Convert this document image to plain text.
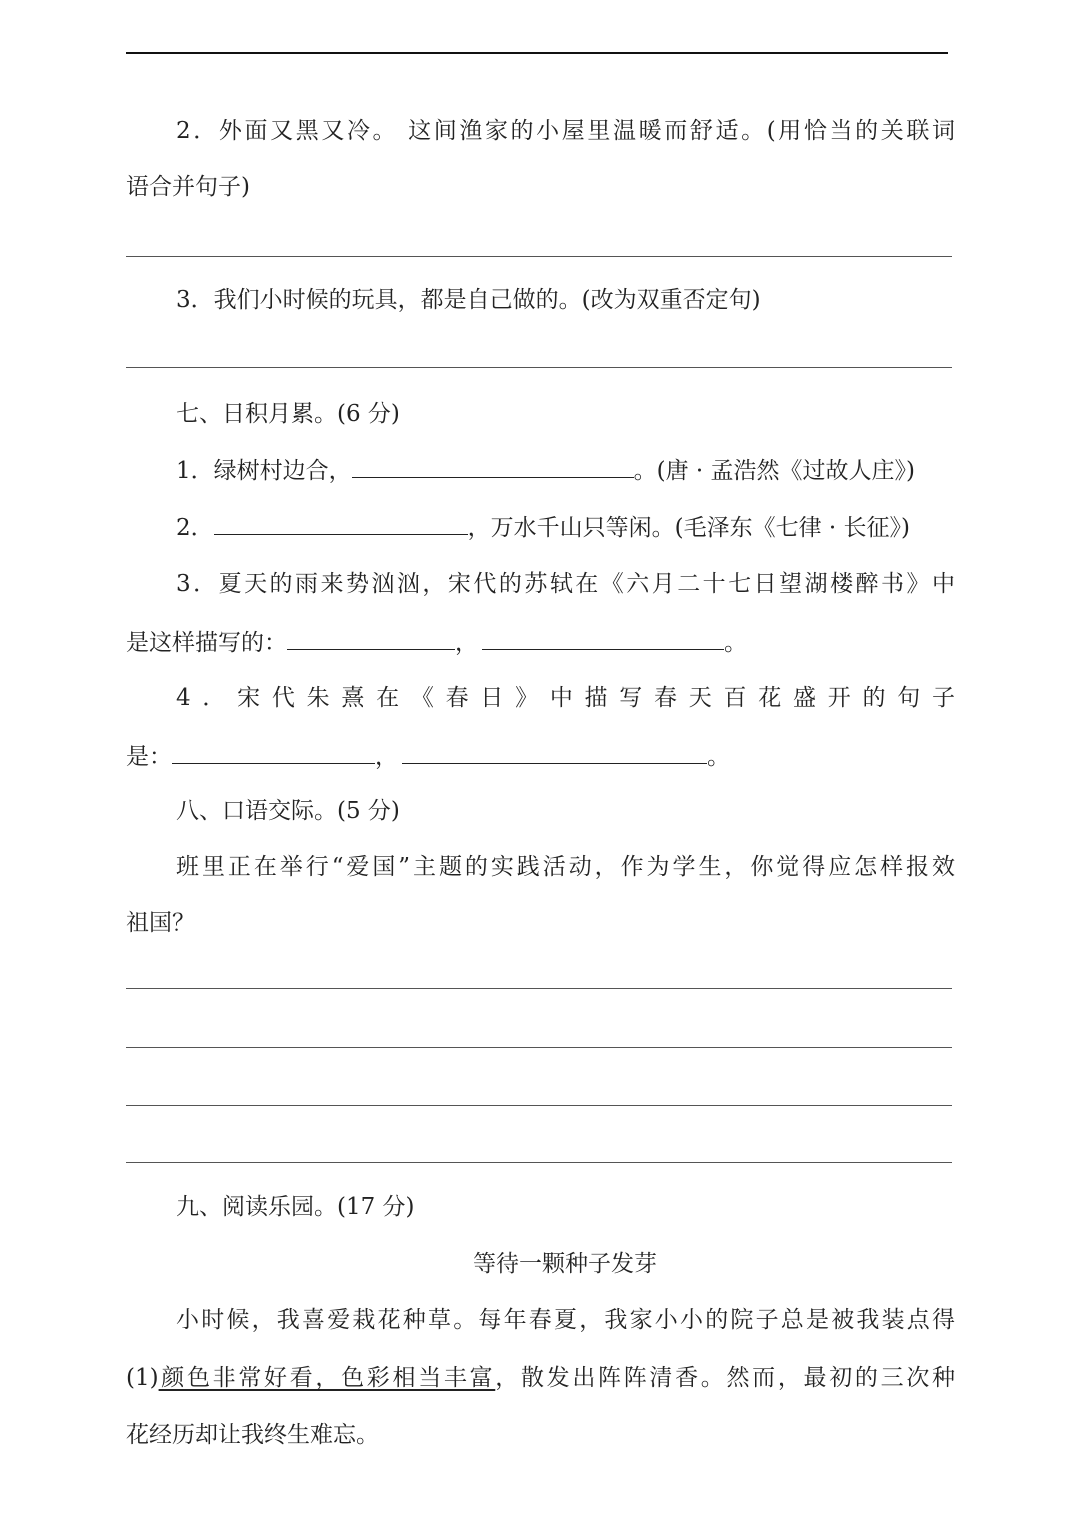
2．外面又黑又冷。 这间渔家的小屋里温暖而舒适。(用恰当的关联词
语合并句子)
3．我们小时候的玩具，都是自己做的。(改为双重否定句)
七、日积月累。(6 分)
1．绿树村边合，	。(唐 · 孟浩然《过故人庄》)
2．	，万水千山只等闲。(毛泽东《七律 · 长征》)
3．夏天的雨来势汹汹，宋代的苏轼在《六月二十七日望湖楼醉书》中
是这样描写的：	，	。
4．宋代朱熹在《春日》中描写春天百花盛开的句子
是：	，	。
八、口语交际。(5 分)
班里正在举行“爱国”主题的实践活动，作为学生，你觉得应怎样报效
祖国？
九、阅读乐园。(17 分)
等待一颗种子发芽
小时候，我喜爱栽花种草。每年春夏，我家小小的院子总是被我装点得
(1)颜色非常好看，色彩相当丰富，散发出阵阵清香。然而，最初的三次种
花经历却让我终生难忘。
